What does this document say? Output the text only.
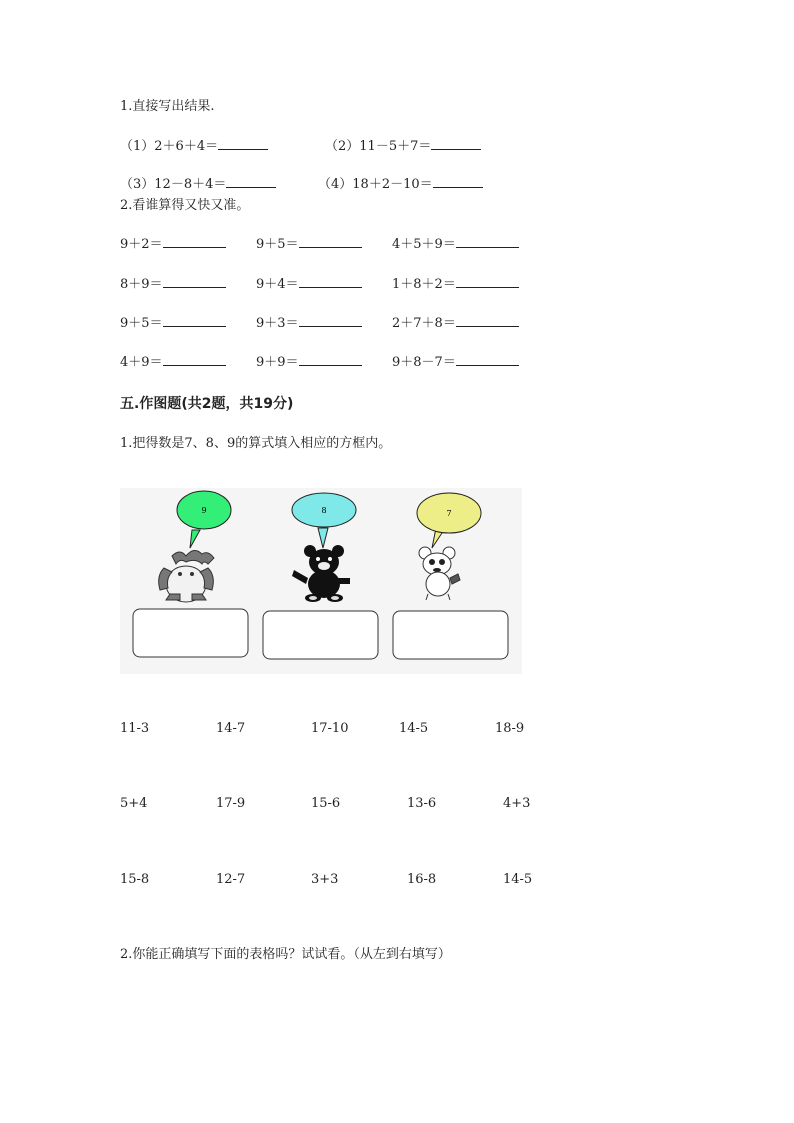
1.直接写出结果.
（1）2＋6＋4＝	（2）11－5＋7＝
（3）12－8＋4＝	（4）18＋2－10＝
2.看谁算得又快又准。
9＋2＝	9＋5＝	4＋5＋9＝
8＋9＝	9＋4＝	1＋8＋2＝
9＋5＝	9＋3＝	2＋7＋8＝
4＋9＝	9＋9＝	9＋8－7＝
五.作图题(共2题，共19分)
1.把得数是7、8、9的算式填入相应的方框内。
9	8	7
11-3	14-7	17-10	14-5	18-9
5+4	17-9	15-6	13-6	4+3
15-8	12-7	3+3	16-8	14-5
2.你能正确填写下面的表格吗？试试看。（从左到右填写）
